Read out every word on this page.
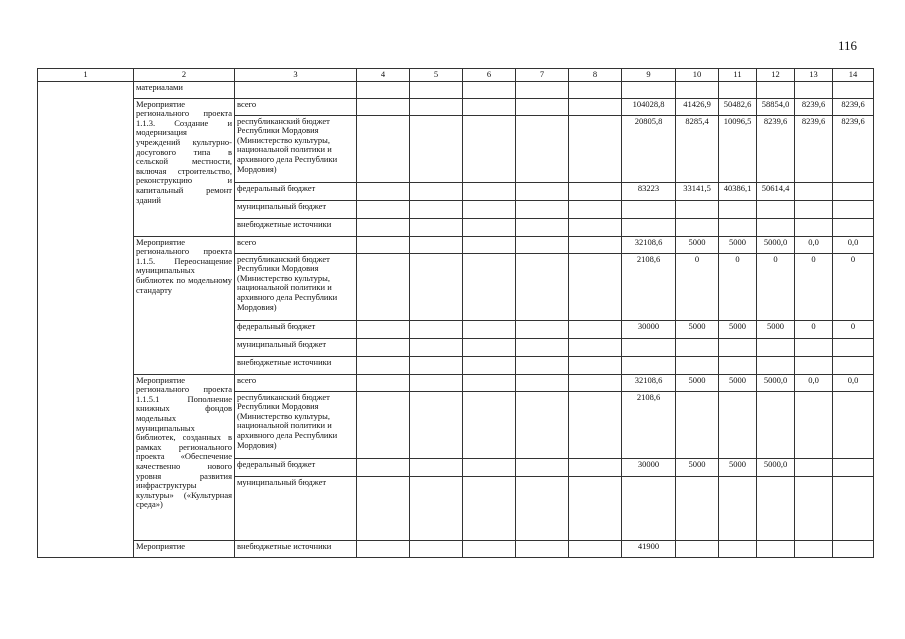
116
1	2	3	4	5	6	7	8	9	10	11	12	13	14
	материалами												
	Мероприятие регионального проекта 1.1.3. Создание и модернизация учреждений культурно-досугового типа в сельской местности, включая строительство, реконструкцию и капитальный ремонт зданий	всего						104028,8	41426,9	50482,6	58854,0	8239,6	8239,6
		республиканский бюджет Республики Мордовия (Министерство культуры, национальной политики и архивного дела Республики Мордовия)						20805,8	8285,4	10096,5	8239,6	8239,6	8239,6
		федеральный бюджет						83223	33141,5	40386,1	50614,4		
		муниципальный бюджет											
		внебюджетные источники											
	Мероприятие регионального проекта 1.1.5. Переоснащение муниципальных библиотек по модельному стандарту	всего						32108,6	5000	5000	5000,0	0,0	0,0
		республиканский бюджет Республики Мордовия (Министерство культуры, национальной политики и архивного дела Республики Мордовия)						2108,6	0	0	0	0	0
		федеральный бюджет						30000	5000	5000	5000	0	0
		муниципальный бюджет											
		внебюджетные источники											
	Мероприятие регионального проекта 1.1.5.1 Пополнение книжных фондов модельных муниципальных библиотек, созданных в рамках регионального проекта «Обеспечение качественно нового уровня развития инфраструктуры культуры» («Культурная среда»)	всего						32108,6	5000	5000	5000,0	0,0	0,0
		республиканский бюджет Республики Мордовия (Министерство культуры, национальной политики и архивного дела Республики Мордовия)						2108,6					
		федеральный бюджет						30000	5000	5000	5000,0		
		муниципальный бюджет											
	Мероприятие	внебюджетные источники						41900					
